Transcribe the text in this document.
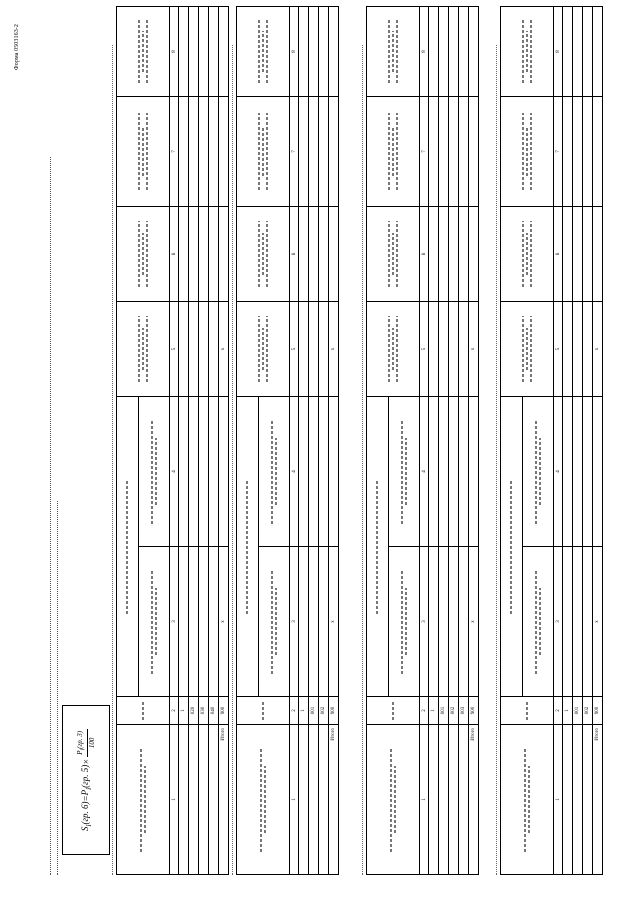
Форма 0503163-2
$S_i(гр$. 6)
=
$P_i(гр$. 5)
×
$P_i(гр$. 3) 100

1	2	3	4	5	6	7	8
	1						
	020						
	030						
	040						
Итого	900	x		x			

1	2	3	4	5	6	7	8
	1						
	001						
	002						
Итого	900	x		x			

1	2	3	4	5	6	7	8
	1						
	001						
	002						
	003						
Итого	900	x		x			

1	2	3	4	5	6	7	8
	1						
	001						
	002						
Итого	900	x		x			
